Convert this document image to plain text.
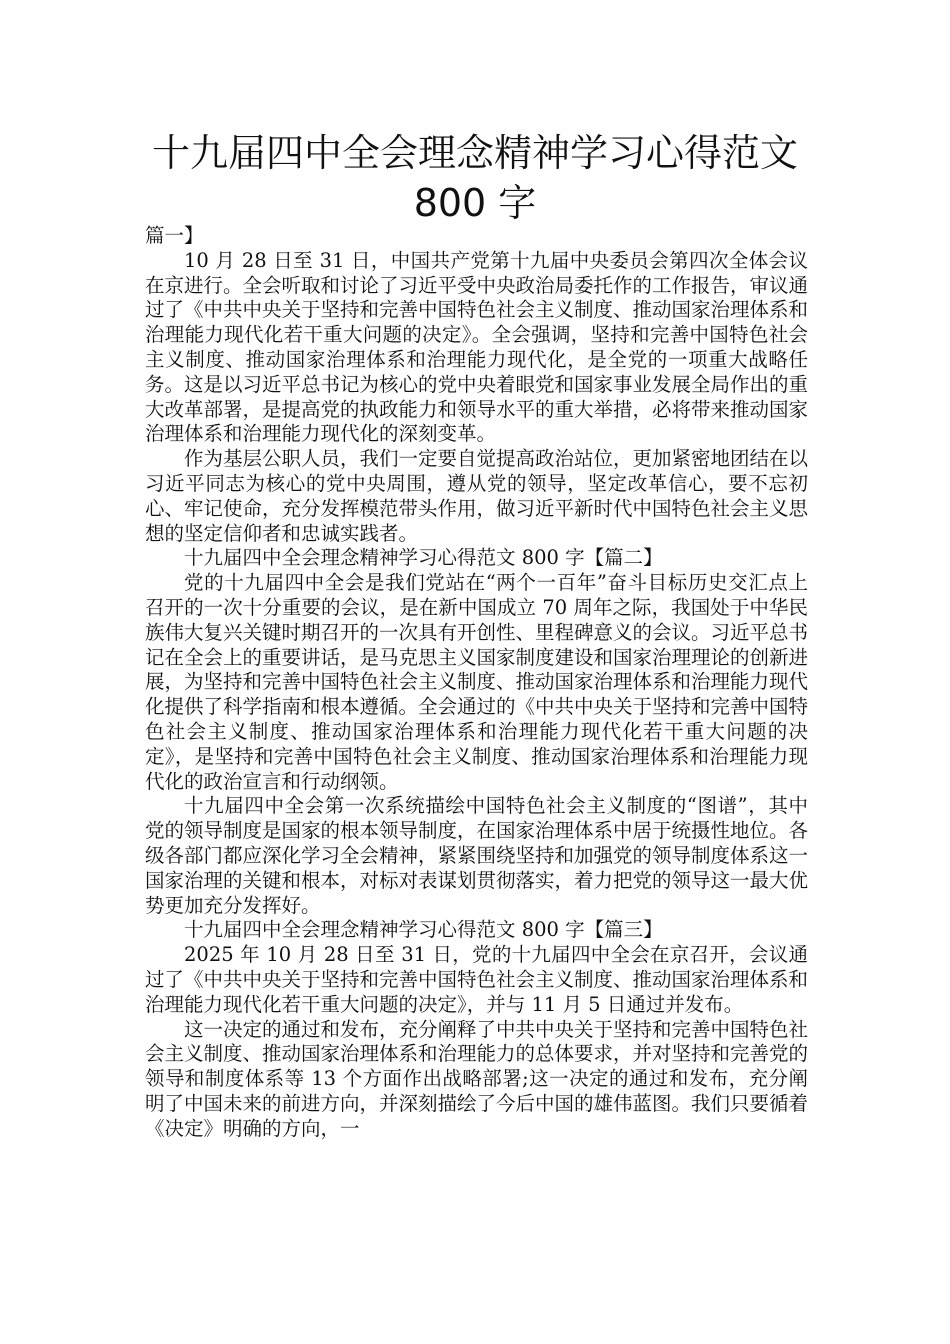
十九届四中全会理念精神学习心得范文
800 字

篇一】

10 月 28 日至 31 日，中国共产党第十九届中央委员会第四次全体会议在京进行。全会听取和讨论了习近平受中央政治局委托作的工作报告，审议通过了《中共中央关于坚持和完善中国特色社会主义制度、推动国家治理体系和治理能力现代化若干重大问题的决定》。全会强调，坚持和完善中国特色社会主义制度、推动国家治理体系和治理能力现代化，是全党的一项重大战略任务。这是以习近平总书记为核心的党中央着眼党和国家事业发展全局作出的重大改革部署，是提高党的执政能力和领导水平的重大举措，必将带来推动国家治理体系和治理能力现代化的深刻变革。

作为基层公职人员，我们一定要自觉提高政治站位，更加紧密地团结在以习近平同志为核心的党中央周围，遵从党的领导，坚定改革信心，要不忘初心、牢记使命，充分发挥模范带头作用，做习近平新时代中国特色社会主义思想的坚定信仰者和忠诚实践者。

十九届四中全会理念精神学习心得范文 800 字【篇二】

党的十九届四中全会是我们党站在“两个一百年”奋斗目标历史交汇点上召开的一次十分重要的会议，是在新中国成立 70 周年之际，我国处于中华民族伟大复兴关键时期召开的一次具有开创性、里程碑意义的会议。习近平总书记在全会上的重要讲话，是马克思主义国家制度建设和国家治理理论的创新进展，为坚持和完善中国特色社会主义制度、推动国家治理体系和治理能力现代化提供了科学指南和根本遵循。全会通过的《中共中央关于坚持和完善中国特色社会主义制度、推动国家治理体系和治理能力现代化若干重大问题的决定》，是坚持和完善中国特色社会主义制度、推动国家治理体系和治理能力现代化的政治宣言和行动纲领。

十九届四中全会第一次系统描绘中国特色社会主义制度的“图谱”，其中党的领导制度是国家的根本领导制度，在国家治理体系中居于统摄性地位。各级各部门都应深化学习全会精神，紧紧围绕坚持和加强党的领导制度体系这一国家治理的关键和根本，对标对表谋划贯彻落实，着力把党的领导这一最大优势更加充分发挥好。

十九届四中全会理念精神学习心得范文 800 字【篇三】

2025 年 10 月 28 日至 31 日，党的十九届四中全会在京召开，会议通过了《中共中央关于坚持和完善中国特色社会主义制度、推动国家治理体系和治理能力现代化若干重大问题的决定》，并与 11 月 5 日通过并发布。

这一决定的通过和发布，充分阐释了中共中央关于坚持和完善中国特色社会主义制度、推动国家治理体系和治理能力的总体要求，并对坚持和完善党的领导和制度体系等 13 个方面作出战略部署;这一决定的通过和发布，充分阐明了中国未来的前进方向，并深刻描绘了今后中国的雄伟蓝图。我们只要循着《决定》明确的方向，一
